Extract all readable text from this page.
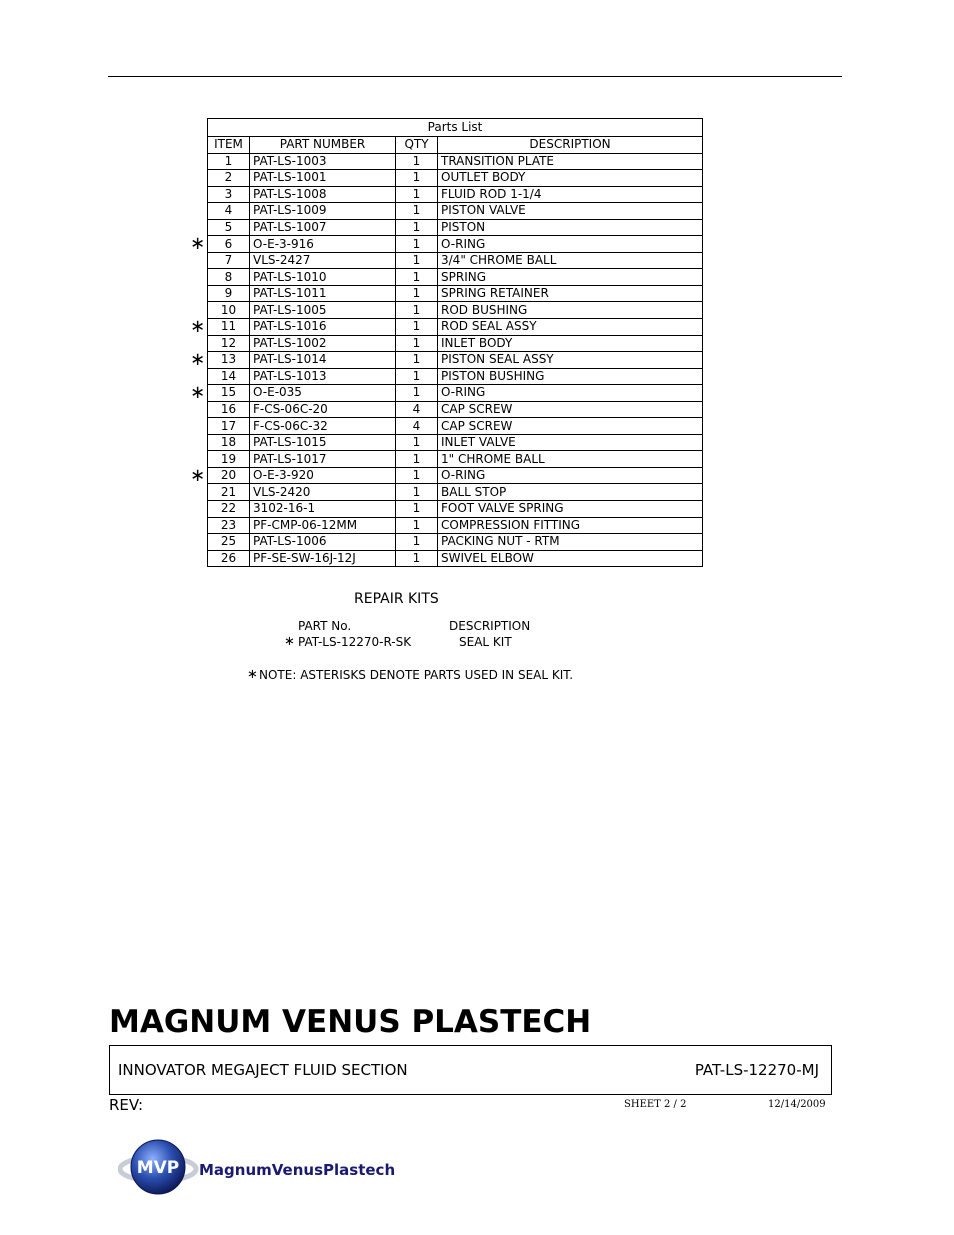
Parts List			
ITEM	PART NUMBER	QTY	DESCRIPTION
1	PAT-LS-1003	1	TRANSITION PLATE
2	PAT-LS-1001	1	OUTLET BODY
3	PAT-LS-1008	1	FLUID ROD 1-1/4
4	PAT-LS-1009	1	PISTON VALVE
5	PAT-LS-1007	1	PISTON
6	O-E-3-916	1	O-RING
7	VLS-2427	1	3/4" CHROME BALL
8	PAT-LS-1010	1	SPRING
9	PAT-LS-1011	1	SPRING RETAINER
10	PAT-LS-1005	1	ROD BUSHING
11	PAT-LS-1016	1	ROD SEAL ASSY
12	PAT-LS-1002	1	INLET BODY
13	PAT-LS-1014	1	PISTON SEAL ASSY
14	PAT-LS-1013	1	PISTON BUSHING
15	O-E-035	1	O-RING
16	F-CS-06C-20	4	CAP SCREW
17	F-CS-06C-32	4	CAP SCREW
18	PAT-LS-1015	1	INLET VALVE
19	PAT-LS-1017	1	1" CHROME BALL
20	O-E-3-920	1	O-RING
21	VLS-2420	1	BALL STOP
22	3102-16-1	1	FOOT VALVE SPRING
23	PF-CMP-06-12MM	1	COMPRESSION FITTING
25	PAT-LS-1006	1	PACKING NUT - RTM
26	PF-SE-SW-16J-12J	1	SWIVEL ELBOW
∗
∗
∗
∗
∗
REPAIR KITS
PART No.	DESCRIPTION
∗ PAT-LS-12270-R-SK	SEAL KIT
∗ NOTE: ASTERISKS DENOTE PARTS USED IN SEAL KIT.
MAGNUM VENUS PLASTECH
INNOVATOR MEGAJECT FLUID SECTION	PAT-LS-12270-MJ
REV:	SHEET 2 / 2	12/14/2009
MVP MagnumVenusPlastech
